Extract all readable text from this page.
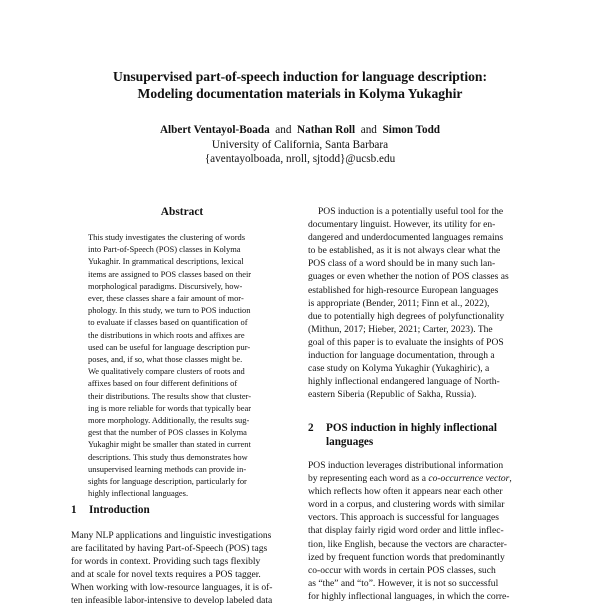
Unsupervised part-of-speech induction for language description:
Modeling documentation materials in Kolyma Yukaghir
Albert Ventayol-Boada and Nathan Roll and Simon Todd
University of California, Santa Barbara
{aventayolboada, nroll, sjtodd}@ucsb.edu
Abstract
This study investigates the clustering of words
into Part-of-Speech (POS) classes in Kolyma
Yukaghir. In grammatical descriptions, lexical
items are assigned to POS classes based on their
morphological paradigms. Discursively, how-
ever, these classes share a fair amount of mor-
phology. In this study, we turn to POS induction
to evaluate if classes based on quantification of
the distributions in which roots and affixes are
used can be useful for language description pur-
poses, and, if so, what those classes might be.
We qualitatively compare clusters of roots and
affixes based on four different definitions of
their distributions. The results show that cluster-
ing is more reliable for words that typically bear
more morphology. Additionally, the results sug-
gest that the number of POS classes in Kolyma
Yukaghir might be smaller than stated in current
descriptions. This study thus demonstrates how
unsupervised learning methods can provide in-
sights for language description, particularly for
highly inflectional languages.
1 Introduction
Many NLP applications and linguistic investigations
are facilitated by having Part-of-Speech (POS) tags
for words in context. Providing such tags flexibly
and at scale for novel texts requires a POS tagger.
When working with low-resource languages, it is of-
ten infeasible labor-intensive to develop labeled data
POS induction is a potentially useful tool for the
documentary linguist. However, its utility for en-
dangered and underdocumented languages remains
to be established, as it is not always clear what the
POS class of a word should be in many such lan-
guages or even whether the notion of POS classes as
established for high-resource European languages
is appropriate (Bender, 2011; Finn et al., 2022),
due to potentially high degrees of polyfunctionality
(Mithun, 2017; Hieber, 2021; Carter, 2023). The
goal of this paper is to evaluate the insights of POS
induction for language documentation, through a
case study on Kolyma Yukaghir (Yukaghiric), a
highly inflectional endangered language of North-
eastern Siberia (Republic of Sakha, Russia).
2 POS induction in highly inflectional
languages
POS induction leverages distributional information
by representing each word as a co-occurrence vector,
which reflects how often it appears near each other
word in a corpus, and clustering words with similar
vectors. This approach is successful for languages
that display fairly rigid word order and little inflec-
tion, like English, because the vectors are character-
ized by frequent function words that predominantly
co-occur with words in certain POS classes, such
as “the” and “to”. However, it is not so successful
for highly inflectional languages, in which the corre-
